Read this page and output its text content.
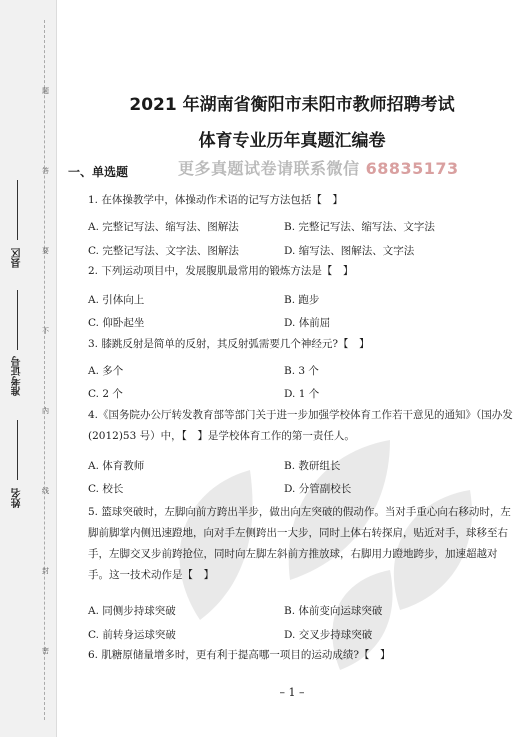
题
答
要
不
内
线
封
密
县区
准考证号
姓名
2021 年湖南省衡阳市耒阳市教师招聘考试
体育专业历年真题汇编卷
一、单选题	更多真题试卷请联系微信 68835173
1. 在体操教学中，体操动作术语的记写方法包括【　】
A. 完整记写法、缩写法、图解法	B. 完整记写法、缩写法、文字法
C. 完整记写法、文字法、图解法	D. 缩写法、图解法、文字法
2. 下列运动项目中，发展腹肌最常用的锻炼方法是【　】
A. 引体向上	B. 跑步
C. 仰卧起坐	D. 体前屈
3. 膝跳反射是简单的反射，其反射弧需要几个神经元?【　】
A. 多个	B. 3 个
C. 2 个	D. 1 个
4.《国务院办公厅转发教育部等部门关于进一步加强学校体育工作若干意见的通知》（国办发 (2012)53 号）中，【　】是学校体育工作的第一责任人。
A. 体育教师	B. 教研组长
C. 校长	D. 分管副校长
5. 篮球突破时，左脚向前方跨出半步，做出向左突破的假动作。当对手重心向右移动时，左脚前脚掌内侧迅速蹬地，向对手左侧跨出一大步，同时上体右转探肩，贴近对手，球移至右手，左脚交叉步前跨抢位，同时向左脚左斜前方推放球，右脚用力蹬地跨步，加速超越对手。这一技术动作是【　】
A. 同侧步持球突破	B. 体前变向运球突破
C. 前转身运球突破	D. 交叉步持球突破
6. 肌糖原储量增多时，更有利于提高哪一项目的运动成绩?【　】
– 1 –
